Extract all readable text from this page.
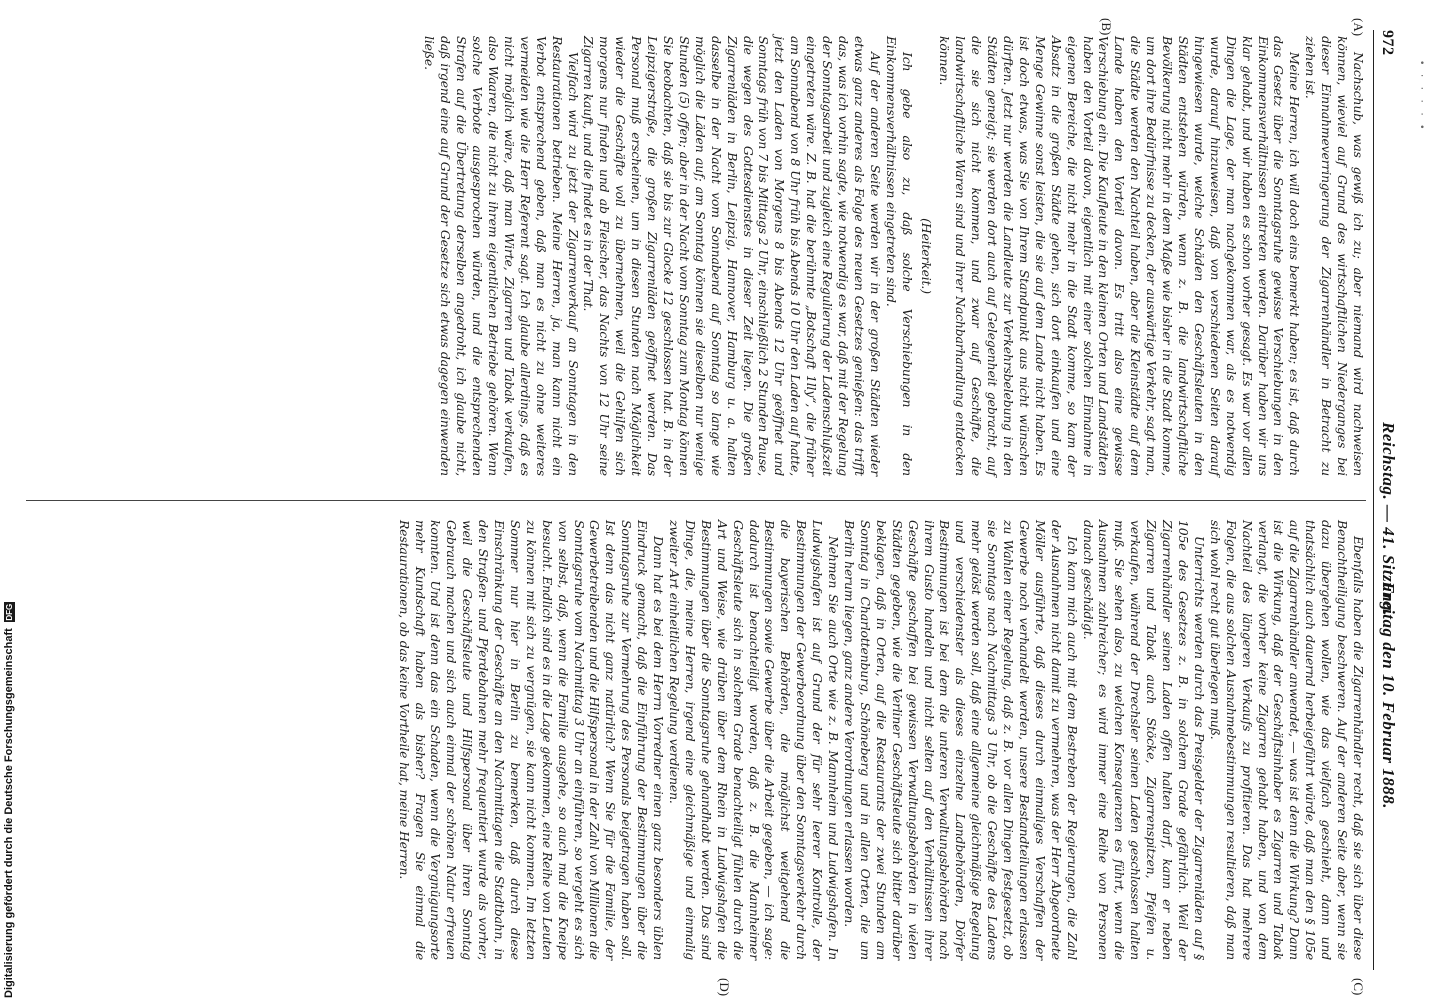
• · · · · •
972
Reichstag. — 41. Sitzung.
Freitag den 10. Februar 1888.
(A)
(B)
(C)
(D)

Nachschub, was gewiß ich zu; aber niemand wird nachweisen können, wieviel auf Grund des wirtschaftlichen Niederganges bei dieser Einnahmeverringerung der Zigarrenhändler in Betracht zu ziehen ist.

Meine Herren, ich will doch eins bemerkt haben; es ist, daß durch das Gesetz über die Sonntagsruhe gewisse Verschiebungen in den Einkommensverhältnissen eintreten werden. Darüber haben wir uns klar gehabt, und wir haben es schon vorher gesagt. Es war vor allen Dingen die Lage, der man nachgekommen war, als es notwendig wurde, darauf hinzuweisen, daß von verschiedenen Seiten darauf hingewiesen wurde, welche Schäden den Geschäftsleuten in den Städten entstehen würden, wenn z. B. die landwirtschaftliche Bevölkerung nicht mehr in dem Maße wie bisher in die Stadt komme, um dort ihre Bedürfnisse zu decken, der auswärtige Verkehr, sagt man, die Städte werden den Nachteil haben, aber die Kleinstädte auf dem Lande haben den Vorteil davon. Es tritt also eine gewisse Verschiebung ein. Die Kaufleute in den kleinen Orten und Landstädten haben den Vorteil davon, eigentlich mit einer solchen Einnahme in eigenen Bereiche, die nicht mehr in die Stadt komme, so kam der Absatz in die großen Städte gehen, sich dort einkaufen und eine Menge Gewinne sonst leisten, die sie auf dem Lande nicht haben. Es ist doch etwas, was Sie von Ihrem Standpunkt aus nicht wünschen dürften. Jetzt nur werden die Landleute zur Verkehrsbelebung in den Städten geneigt; sie werden dort auch auf Gelegenheit gebracht, auf die sie sich nicht kommen, und zwar auf Geschäfte, die landwirtschaftliche Waren sind und ihrer Nachbarhandlung entdecken können.

(Heiterkeit.)

Ich gebe also zu, daß solche Verschiebungen in den Einkommensverhältnissen eingetreten sind.

Auf der anderen Seite werden wir in der großen Städten wieder etwas ganz anderes als Folge des neuen Gesetzes genießen: das trifft das, was ich vorhin sagte, wie notwendig es war, daß mit der Regelung der Sonntagsarbeit und zugleich eine Regulierung der Ladenschlußzeit eingetreten wäre. Z. B. hat die berühmte „Botschaft 1lly“, die früher am Sonnabend von 8 Uhr früh bis Abends 10 Uhr den Laden auf hatte, jetzt den Laden von Morgens 8 bis Abends 12 Uhr geöffnet und Sonntags früh von 7 bis Mittags 2 Uhr, einschließlich 2 Stunden Pause, die wegen des Gottesdienstes in dieser Zeit liegen. Die großen Zigarrenläden in Berlin, Leipzig, Hannover, Hamburg u. a. halten dasselbe in der Nacht vom Sonnabend auf Sonntag so lange wie möglich die Läden auf; am Sonntag können sie dieselben nur wenige Stunden (5) offen; aber in der Nacht vom Sonntag zum Montag können Sie beobachten, daß sie bis zur Glocke 12 geschlossen hat. B. in der Leipzigerstraße, die großen Zigarrenläden geöffnet werden. Das Personal muß erscheinen, um in diesen Stunden nach Möglichkeit wieder die Geschäfte voll zu übernehmen, weil die Gehilfen sich morgens nur finden und ab Fleischer, das Nachts von 12 Uhr seine Zigarren kauft, und die findet es in der That.

Vielfach wird zu jetzt der Zigarrenverkauf an Sonntagen in den Restaurationen betrieben. Meine Herren, ja, man kann nicht ein Verbot entsprechend geben, daß man es nicht zu ohne weiteres vermeiden wie die Herr Referent sagt. Ich glaube allerdings, daß es nicht möglich wäre, daß man Wirte, Zigarren und Tabak verkaufen, also Waaren, die nicht zu ihrem eigentlichen Betriebe gehören. Wenn solche Verbote ausgesprochen würden, und die entsprechenden Strafen auf die Übertretung derselben angedroht, ich glaube nicht, daß irgend eine auf Grund der Gesetze sich etwas dagegen einwenden ließe.

Ebenfalls haben die Zigarrenhändler recht, daß sie sich über diese Benachtheiligung beschweren. Auf der anderen Seite aber, wenn sie dazu übergehen wollen, wie das vielfach geschieht, dann und thatsächlich auch dauernd herbeigeführt würde, daß man den § 105e auf die Zigarrenhändler anwendet, — was ist denn die Wirkung? Dann ist die Wirkung, daß der Geschäftsinhaber es Zigarren und Tabak verlangt, die vorher keine Zigarren gehabt haben, und von dem Nachteil des längeren Verkaufs zu profitieren. Das hat mehrere Folgen, die aus solchen Ausnahmebestimmungen resultieren, daß man sich wohl recht gut überlegen muß.

Unterrichts werden durch das Preisgelder der Zigarrenläden auf § 105e des Gesetzes z. B. in solchem Grade gefährlich. Weil der Zigarrenhändler seinen Laden offen halten darf, kann er neben Zigarren und Tabak auch Stöcke, Zigarrenspitzen, Pfeifen u. verkaufen, während der Drechsler seinen Laden geschlossen halten muß. Sie sehen also, zu welchen Konsequenzen es führt, wenn die Ausnahmen zahlreicher; es wird immer eine Reihe von Personen danach geschädigt.

Ich kann mich auch mit dem Bestreben der Regierungen, die Zahl der Ausnahmen nicht damit zu vermehren, was der Herr Abgeordnete Möller ausführte, daß dieses durch einmaliges Verschaffen der Gewerbe noch verhandelt werden, unsere Bestandteilungen erlassen zu Wahlen einer Regelung, daß z. B. vor allen Dingen festgesetzt, ob sie Sonntags nach Nachmittags 3 Uhr, ob die Geschäfte des Ladens mehr gelöst werden soll, daß eine allgemeine gleichmäßige Regelung und verschiedenster als dieses einzelne Landbehörden, Dörfer Bestimmungen ist bei dem die unteren Verwaltungsbehörden nach ihrem Gusto handeln und nicht selten auf den Verhältnissen ihrer Geschäfte geschaffen bei gewissen Verwaltungsbehörden in vielen Städten gegeben, wie die Verliner Geschäftsleute sich bitter darüber beklagen, daß in Orten, auf die Restaurants der zwei Stunden am Sonntag in Charlottenburg, Schöneberg und in allen Orten, die um Berlin herum liegen, ganz andere Verordnungen erlassen worden.

Nehmen Sie auch Orte wie z. B. Mannheim und Ludwigshafen. In Ludwigshafen ist auf Grund der für sehr leerer Kontrolle, der Bestimmungen der Gewerbeordnung über den Sonntagsverkehr durch die bayerischen Behörden, die möglichst weitgehend die Bestimmungen sowie Gewerbe über die Arbeit gegeben, — ich sage: dadurch ist benachteiligt worden, daß z. B. die Mannheimer Geschäftsleute sich in solchem Grade benachteiligt fühlen durch die Art und Weise, wie drüben über dem Rhein in Ludwigshafen die Bestimmungen über die Sonntagsruhe gehandhabt werden. Das sind Dinge, die, meine Herren, irgend eine gleichmäßige und einmalig zweiter Art einheitlichen Regelung verdienen.

Dann hat es bei dem Herrn Vorredner einen ganz besonders üblen Eindruck gemacht, daß die Einführung der Bestimmungen über die Sonntagsruhe zur Vermehrung des Personals beigetragen haben soll. Ist denn das nicht ganz natürlich? Wenn Sie für die Familie, der Gewerbetreibenden und die Hilfspersonal in der Zahl von Millionen die Sonntagsruhe vom Nachmittag 3 Uhr an einführen, so vergeht es sich von selbst, daß, wenn die Familie ausgehe, so auch mal die Kneipe besucht. Endlich sind es in die Lage gekommen, eine Reihe von Leuten zu können mit sich zu vergnügen, sie kann nicht kommen. Im letzten Sommer nur hier in Berlin zu bemerken, daß durch diese Einschränkung der Geschäfte an den Nachmittagen die Stadtbahn, in den Straßen- und Pferdebahnen mehr frequentiert wurde als vorher, weil die Geschäftsleute und Hilfspersonal über ihren Sonntag Gebrauch machen und sich auch einmal der schönen Natur erfreuen konnten. Und ist denn das ein Schaden, wenn die Vergnügungsorte mehr Kundschaft haben als bisher? Fragen Sie einmal die Restaurationen, ob das keine Vortheile hat, meine Herren.

Digitalisierung gefördert durch die Deutsche Forschungsgemeinschaft
DFG
